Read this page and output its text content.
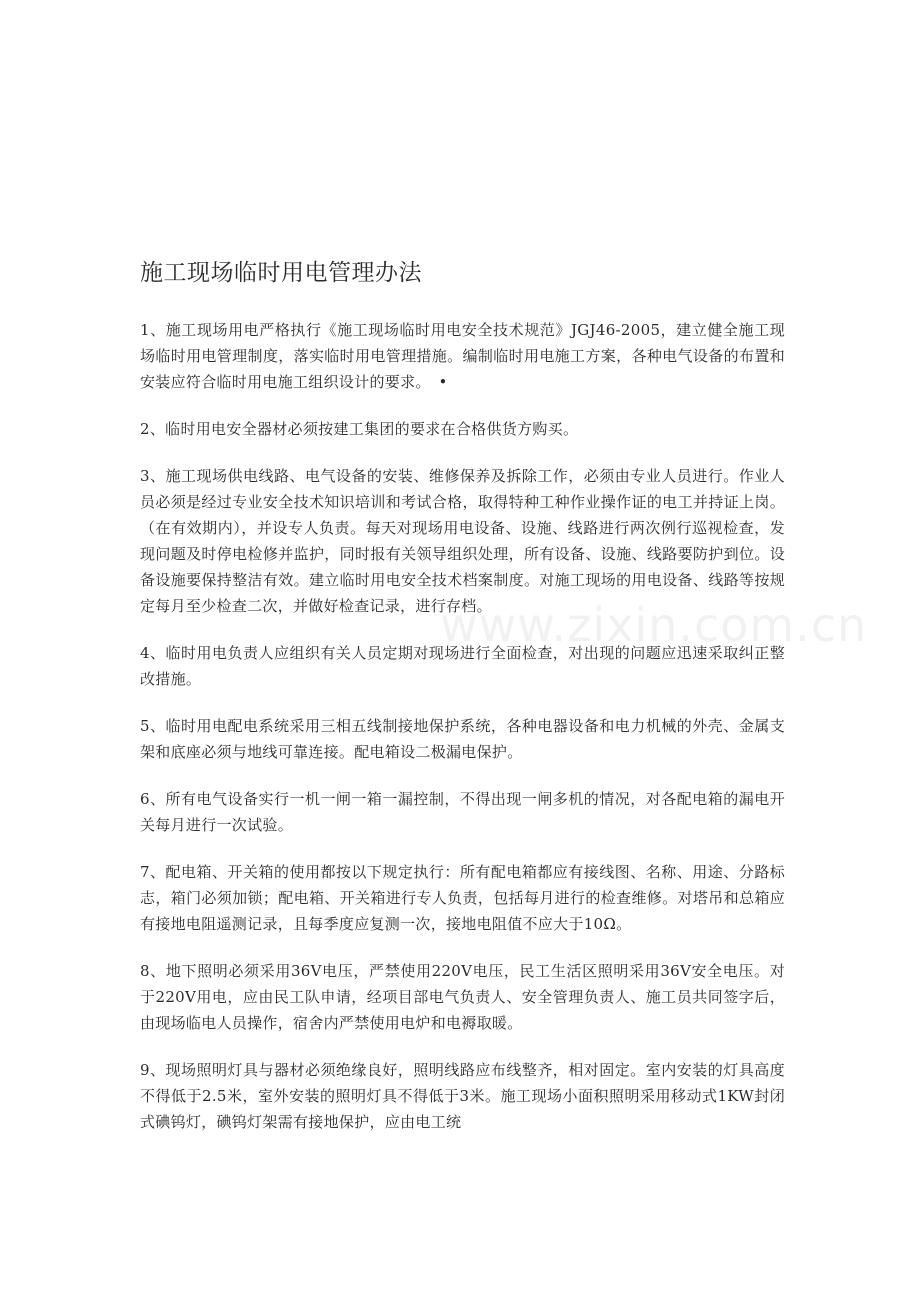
施工现场临时用电管理办法

1、施工现场用电严格执行《施工现场临时用电安全技术规范》JGJ46-2005，建立健全施工现场临时用电管理制度，落实临时用电管理措施。编制临时用电施工方案，各种电气设备的布置和安装应符合临时用电施工组织设计的要求。　•

2、临时用电安全器材必须按建工集团的要求在合格供货方购买。

3、施工现场供电线路、电气设备的安装、维修保养及拆除工作，必须由专业人员进行。作业人员必须是经过专业安全技术知识培训和考试合格，取得特种工种作业操作证的电工并持证上岗。（在有效期内），并设专人负责。每天对现场用电设备、设施、线路进行两次例行巡视检查，发现问题及时停电检修并监护，同时报有关领导组织处理，所有设备、设施、线路要防护到位。设备设施要保持整洁有效。建立临时用电安全技术档案制度。对施工现场的用电设备、线路等按规定每月至少检查二次，并做好检查记录，进行存档。

4、临时用电负责人应组织有关人员定期对现场进行全面检查，对出现的问题应迅速采取纠正整改措施。

5、临时用电配电系统采用三相五线制接地保护系统，各种电器设备和电力机械的外壳、金属支架和底座必须与地线可靠连接。配电箱设二极漏电保护。

6、所有电气设备实行一机一闸一箱一漏控制，不得出现一闸多机的情况，对各配电箱的漏电开关每月进行一次试验。

7、配电箱、开关箱的使用都按以下规定执行：所有配电箱都应有接线图、名称、用途、分路标志，箱门必须加锁；配电箱、开关箱进行专人负责，包括每月进行的检查维修。对塔吊和总箱应有接地电阻遥测记录，且每季度应复测一次，接地电阻值不应大于10Ω。

8、地下照明必须采用36V电压，严禁使用220V电压，民工生活区照明采用36V安全电压。对于220V用电，应由民工队申请，经项目部电气负责人、安全管理负责人、施工员共同签字后，由现场临电人员操作，宿舍内严禁使用电炉和电褥取暖。

9、现场照明灯具与器材必须绝缘良好，照明线路应布线整齐，相对固定。室内安装的灯具高度不得低于2.5米，室外安装的照明灯具不得低于3米。施工现场小面积照明采用移动式1KW封闭式碘钨灯，碘钨灯架需有接地保护，应由电工统

www.zixin.com.cn
